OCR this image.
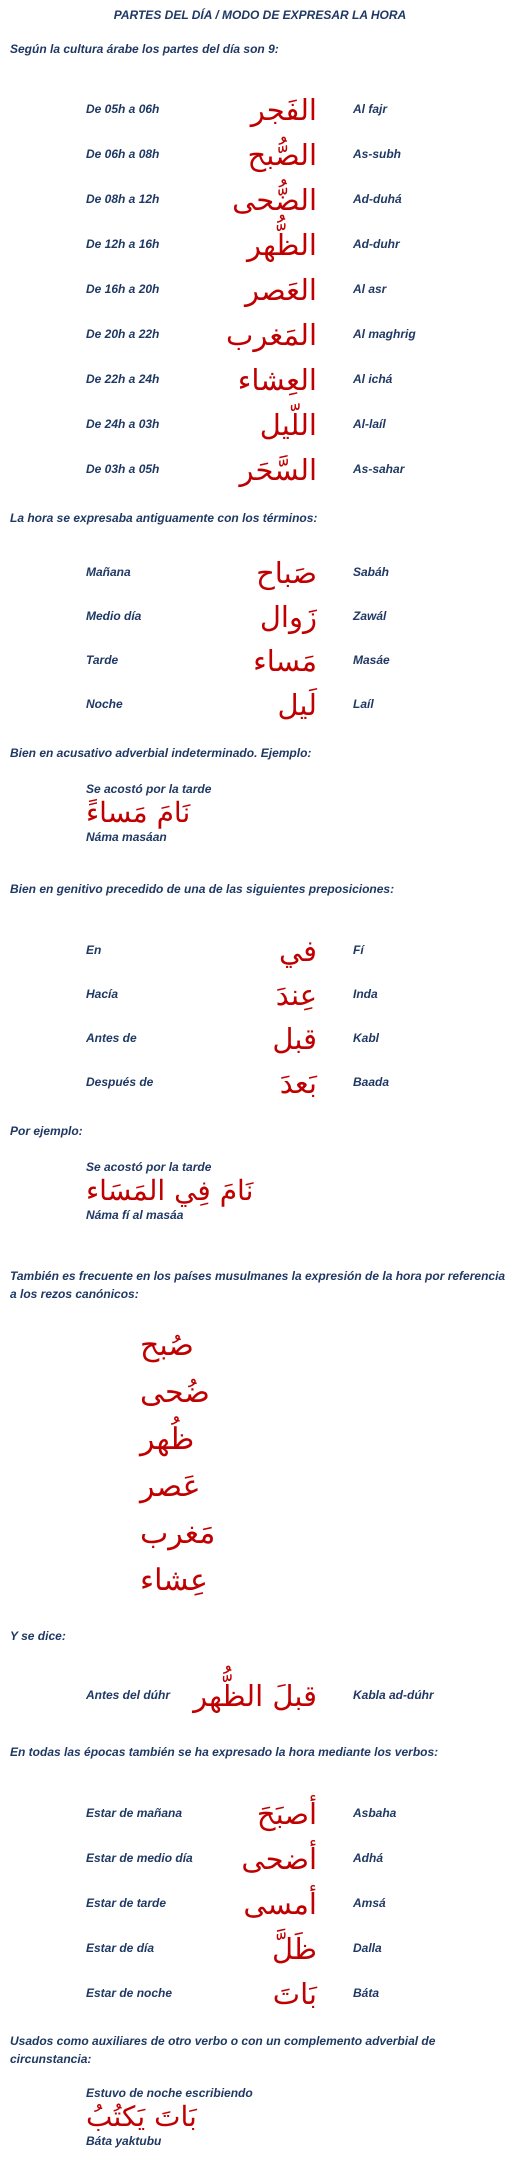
PARTES DEL DÍA / MODO DE EXPRESAR LA HORA
Según la cultura árabe los partes del día son 9:
De 05h a 06h	الفَجر	Al fajr
De 06h a 08h	الصُّبح	As-subh
De 08h a 12h	الضُّحى	Ad-duhá
De 12h a 16h	الظُّهر	Ad-duhr
De 16h a 20h	العَصر	Al asr
De 20h a 22h المَغرب	Al maghrig
De 22h a 24h	العِشاء	Al ichá
De 24h a 03h	اللّيل	Al-laíl
De 03h a 05h	السَّحَر	As-sahar
La hora se expresaba antiguamente con los términos:
Mañana	صَباح	Sabáh
Medio día	زَوال	Zawál
Tarde	مَساء	Masáe
Noche	لَيل	Laíl
Bien en acusativo adverbial indeterminado. Ejemplo:
Se acostó por la tarde
نَامَ مَساءً
Náma masáan
Bien en genitivo precedido de una de las siguientes preposiciones:
En	في	Fí
Hacía	عِندَ	Inda
Antes de	قبل	Kabl
Después de	بَعدَ	Baada
Por ejemplo:
Se acostó por la tarde
نَامَ فِي المَسَاء
Náma fí al masáa
También es frecuente en los países musulmanes la expresión de la hora por referencia a los rezos canónicos:
صُبح
ضُحى
ظُهر
عَصر
مَغرب
عِشاء
Y se dice:
Antes del dúhr قبلَ الظُّهر	Kabla ad-dúhr
En todas las épocas también se ha expresado la hora mediante los verbos:
Estar de mañana	أصبَحَ	Asbaha
Estar de medio día أضحى	Adhá
Estar de tarde	أمسى	Amsá
Estar de día	ظَلَّ	Dalla
Estar de noche	بَاتَ	Báta
Usados como auxiliares de otro verbo o con un complemento adverbial de circunstancia:
Estuvo de noche escribiendo
بَاتَ يَكتُبُ
Báta yaktubu
